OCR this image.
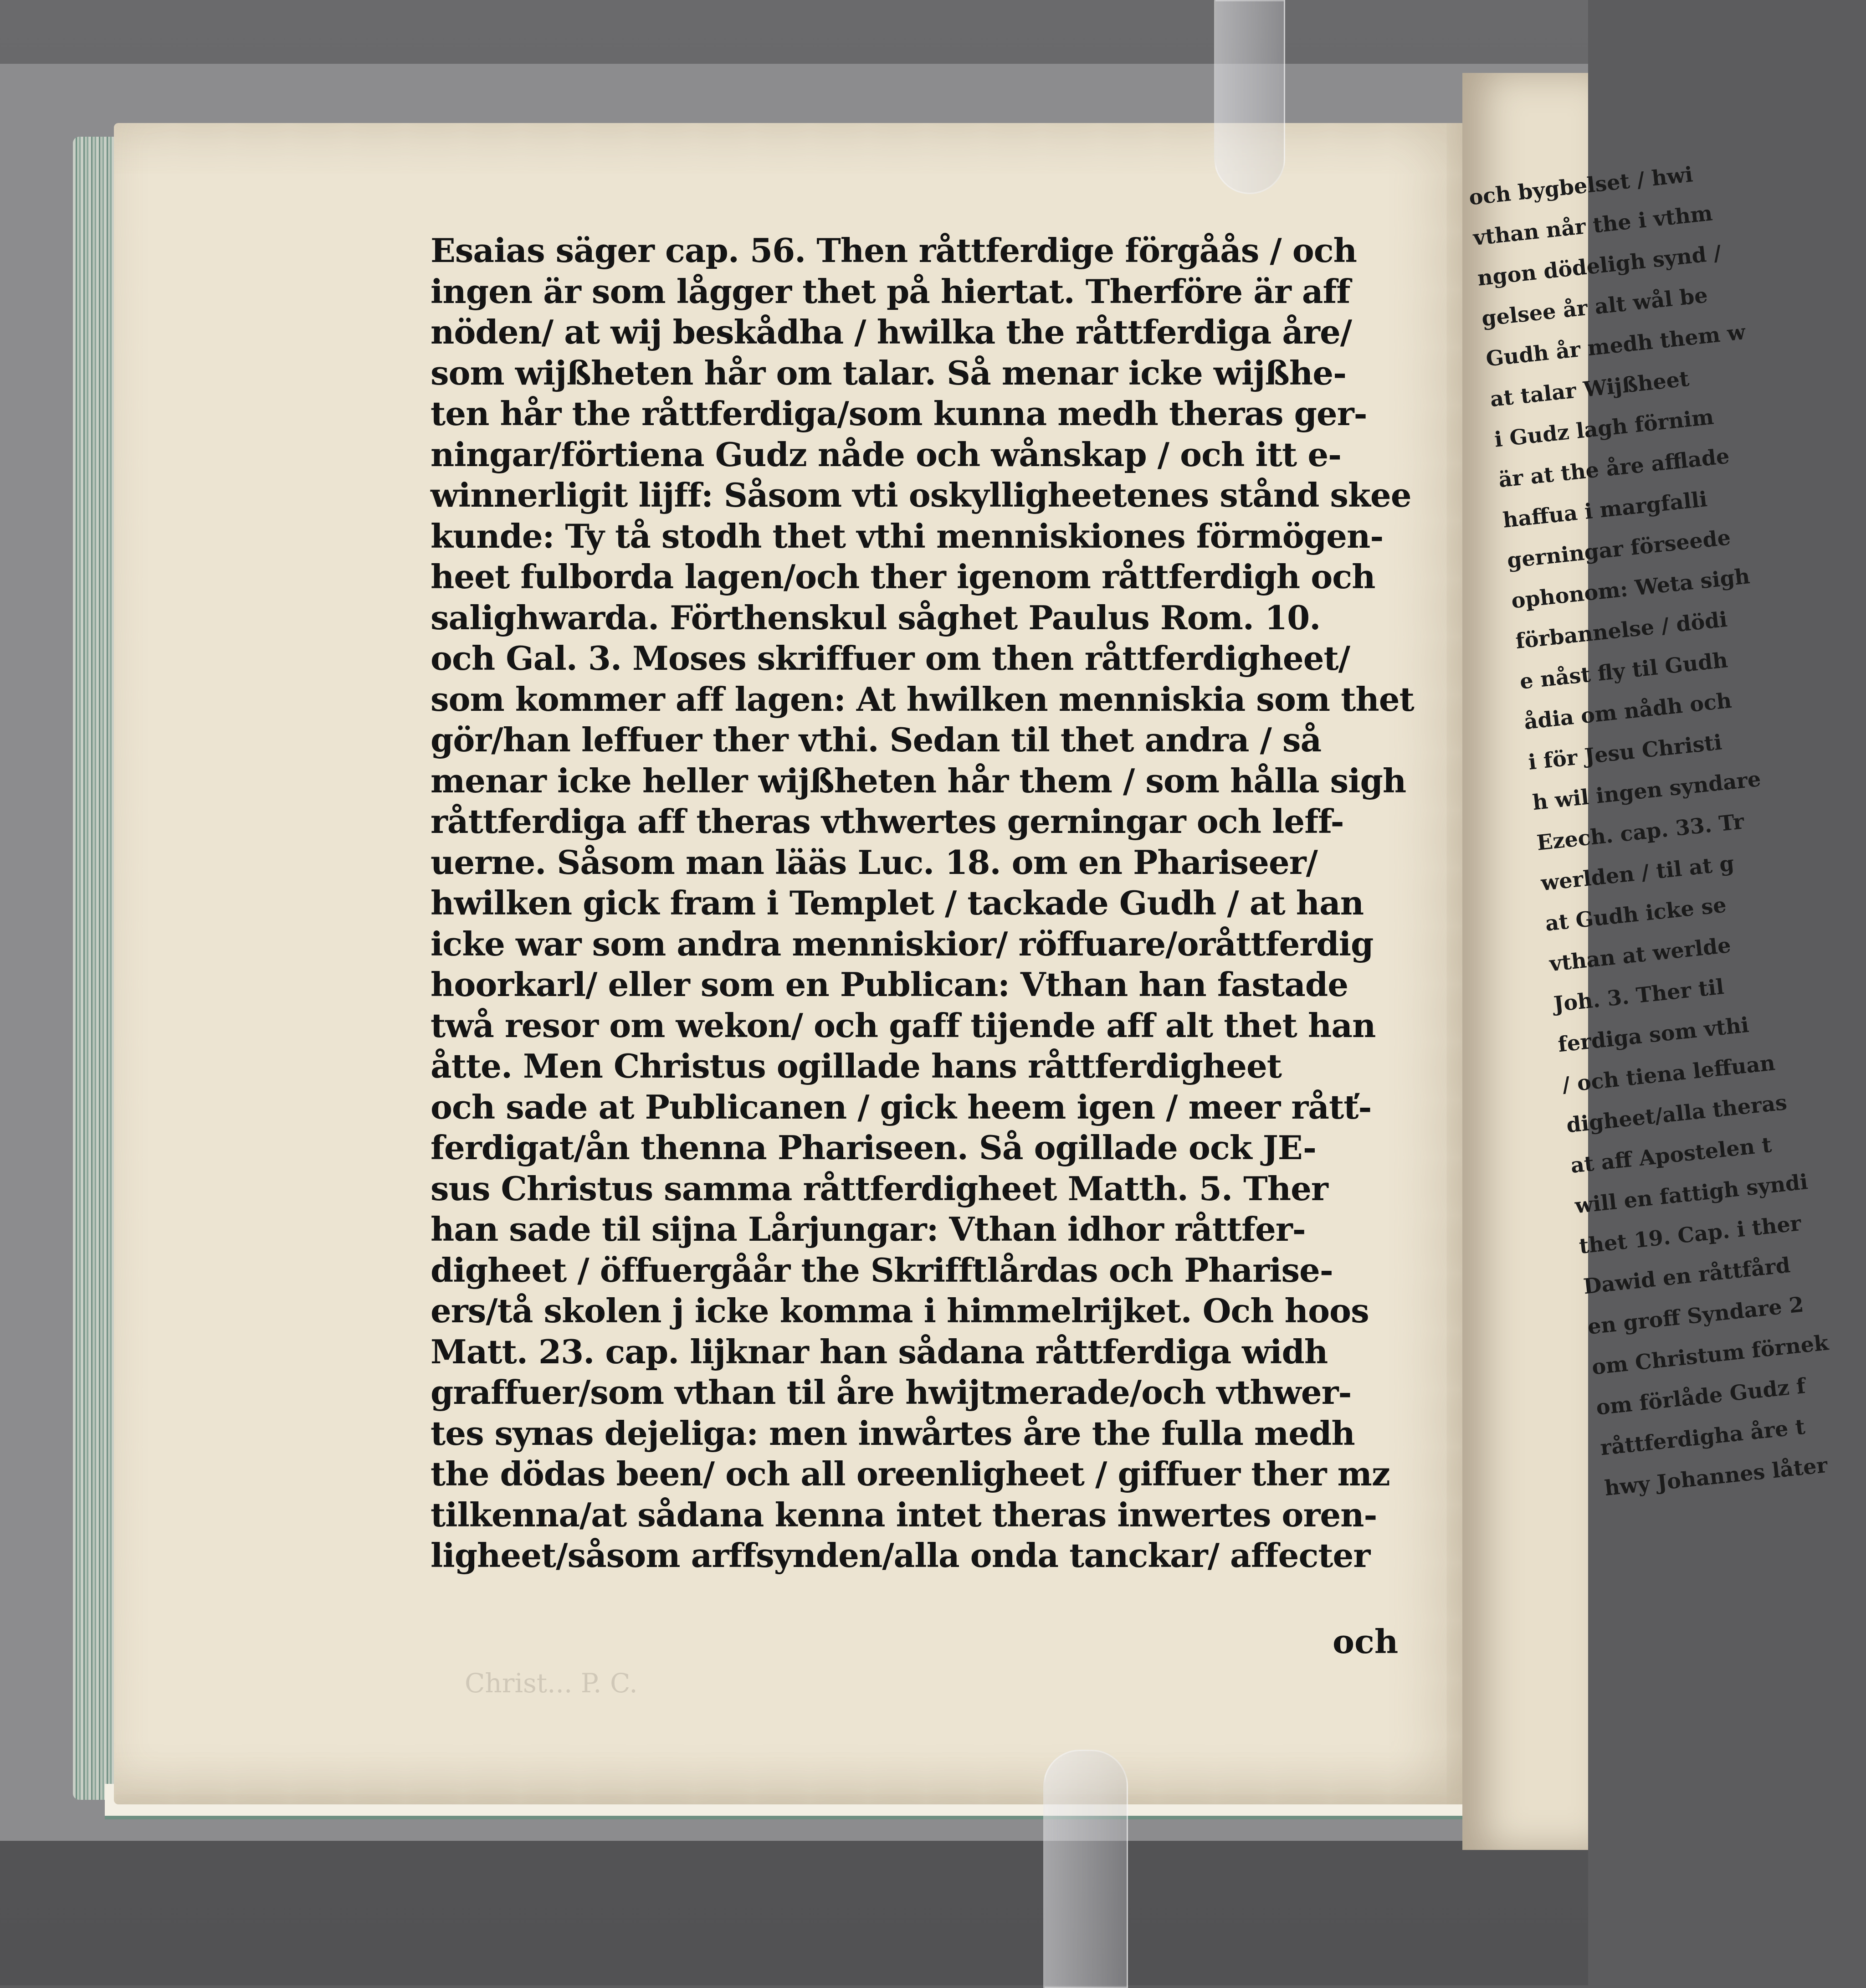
och bygbelset / hwi
vthan når the i vthm
ngon dödeligh synd /
gelsee år alt wål be
Gudh år medh them w
at talar Wijßheet
i Gudz lagh förnim
är at the åre afflade
haffua i margfalli
gerningar förseede
ophonom: Weta sigh
förbannelse / dödi
e nåst fly til Gudh
ådia om nådh och
i för Jesu Christi
h wil ingen syndare
Ezech. cap. 33. Tr
werlden / til at g
at Gudh icke se
vthan at werlde
Joh. 3. Ther til
ferdiga som vthi
/ och tiena leffuan
digheet/alla theras
at aff Apostelen t
will en fattigh syndi
thet 19. Cap. i ther
Dawid en råttfård
en groff Syndare 2
om Christum förnek
om förlåde Gudz f
råttferdigha åre t
hwy Johannes låter
Esaias säger cap. 56. Then råttferdige förgåås / och
ingen är som lågger thet på hiertat. Therföre är aff
nöden/ at wij beskådha / hwilka the råttferdiga åre/
som wijßheten hår om talar. Så menar icke wijßhe-
ten hår the råttferdiga/som kunna medh theras ger-
ningar/förtiena Gudz nåde och wånskap / och itt e-
winnerligit lijff: Såsom vti oskylligheetenes stånd skee
kunde: Ty tå stodh thet vthi menniskiones förmögen-
heet fulborda lagen/och ther igenom råttferdigh och
salighwarda. Förthenskul såghet Paulus Rom. 10.
och Gal. 3. Moses skriffuer om then råttferdigheet/
som kommer aff lagen: At hwilken menniskia som thet
gör/han leffuer ther vthi. Sedan til thet andra / så
menar icke heller wijßheten hår them / som hålla sigh
råttferdiga aff theras vthwertes gerningar och leff-
uerne. Såsom man lääs Luc. 18. om en Phariseer/
hwilken gick fram i Templet / tackade Gudh / at han
icke war som andra menniskior/ röffuare/oråttferdig
hoorkarl/ eller som en Publican: Vthan han fastade
twå resor om wekon/ och gaff tijende aff alt thet han
åtte. Men Christus ogillade hans råttferdigheet
och sade at Publicanen / gick heem igen / meer råtť-
ferdigat/ån thenna Phariseen. Så ogillade ock JE-
sus Christus samma råttferdigheet Matth. 5. Ther
han sade til sijna Lårjungar: Vthan idhor råttfer-
digheet / öffuergåår the Skrifftlårdas och Pharise-
ers/tå skolen j icke komma i himmelrijket. Och hoos
Matt. 23. cap. lijknar han sådana råttferdiga widh
graffuer/som vthan til åre hwijtmerade/och vthwer-
tes synas dejeliga: men inwårtes åre the fulla medh
the dödas been/ och all oreenligheet / giffuer ther mz
tilkenna/at sådana kenna intet theras inwertes oren-
ligheet/såsom arffsynden/alla onda tanckar/ affecter
och
Christ... P. C.
